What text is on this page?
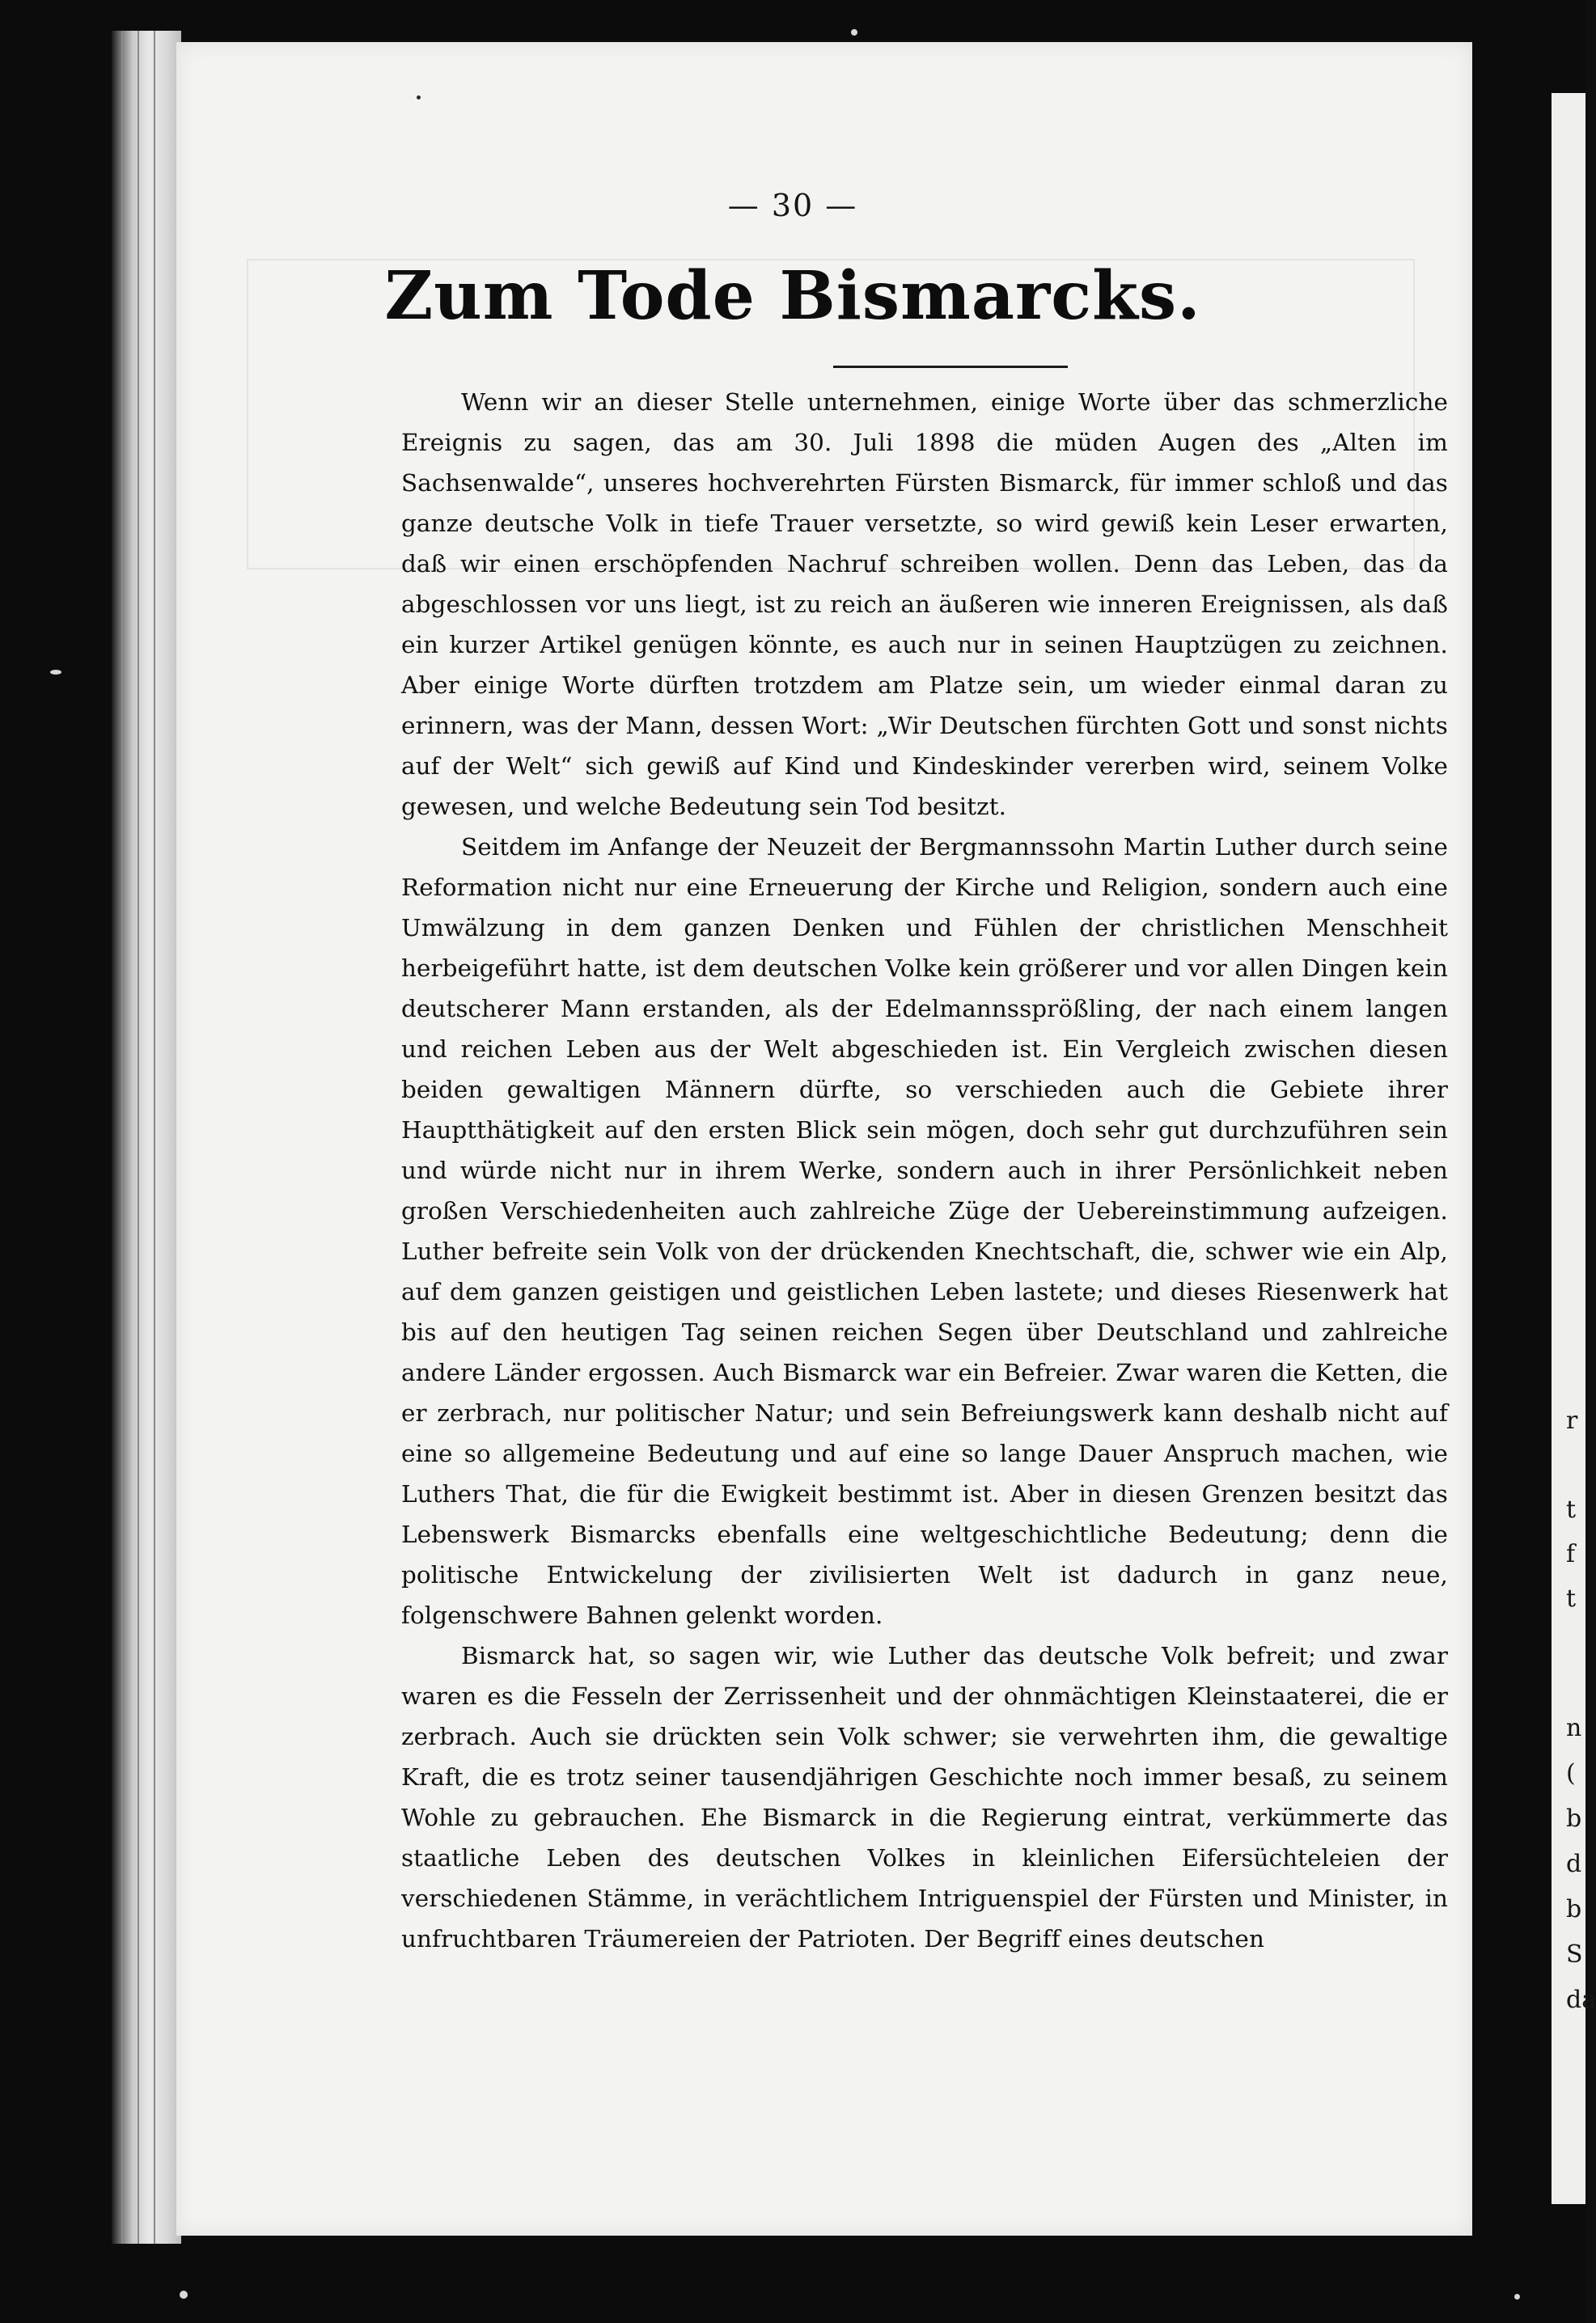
— 30 —
Zum Tode Bismarcks.

Wenn wir an dieser Stelle unternehmen, einige Worte über das schmerzliche Ereignis zu sagen, das am 30. Juli 1898 die müden Augen des „Alten im Sachsenwalde“, unseres hochverehrten Fürsten Bismarck, für immer schloß und das ganze deutsche Volk in tiefe Trauer versetzte, so wird gewiß kein Leser erwarten, daß wir einen erschöpfenden Nachruf schreiben wollen. Denn das Leben, das da abgeschlossen vor uns liegt, ist zu reich an äußeren wie inneren Ereignissen, als daß ein kurzer Artikel genügen könnte, es auch nur in seinen Hauptzügen zu zeichnen. Aber einige Worte dürften trotzdem am Platze sein, um wieder einmal daran zu erinnern, was der Mann, dessen Wort: „Wir Deutschen fürchten Gott und sonst nichts auf der Welt“ sich gewiß auf Kind und Kindeskinder vererben wird, seinem Volke gewesen, und welche Bedeutung sein Tod besitzt.

Seitdem im Anfange der Neuzeit der Bergmannssohn Martin Luther durch seine Reformation nicht nur eine Erneuerung der Kirche und Religion, sondern auch eine Umwälzung in dem ganzen Denken und Fühlen der christlichen Menschheit herbeigeführt hatte, ist dem deutschen Volke kein größerer und vor allen Dingen kein deutscherer Mann erstanden, als der Edelmannssprößling, der nach einem langen und reichen Leben aus der Welt abgeschieden ist. Ein Vergleich zwischen diesen beiden gewaltigen Männern dürfte, so verschieden auch die Gebiete ihrer Hauptthätigkeit auf den ersten Blick sein mögen, doch sehr gut durchzuführen sein und würde nicht nur in ihrem Werke, sondern auch in ihrer Persönlichkeit neben großen Verschiedenheiten auch zahlreiche Züge der Uebereinstimmung aufzeigen. Luther befreite sein Volk von der drückenden Knechtschaft, die, schwer wie ein Alp, auf dem ganzen geistigen und geistlichen Leben lastete; und dieses Riesenwerk hat bis auf den heutigen Tag seinen reichen Segen über Deutschland und zahlreiche andere Länder ergossen. Auch Bismarck war ein Befreier. Zwar waren die Ketten, die er zerbrach, nur politischer Natur; und sein Befreiungswerk kann deshalb nicht auf eine so allgemeine Bedeutung und auf eine so lange Dauer Anspruch machen, wie Luthers That, die für die Ewigkeit bestimmt ist. Aber in diesen Grenzen besitzt das Lebenswerk Bismarcks ebenfalls eine weltgeschichtliche Bedeutung; denn die politische Entwickelung der zivilisierten Welt ist dadurch in ganz neue, folgenschwere Bahnen gelenkt worden.

Bismarck hat, so sagen wir, wie Luther das deutsche Volk befreit; und zwar waren es die Fesseln der Zerrissenheit und der ohnmächtigen Kleinstaaterei, die er zerbrach. Auch sie drückten sein Volk schwer; sie verwehrten ihm, die gewaltige Kraft, die es trotz seiner tausendjährigen Geschichte noch immer besaß, zu seinem Wohle zu gebrauchen. Ehe Bismarck in die Regierung eintrat, verkümmerte das staatliche Leben des deutschen Volkes in kleinlichen Eifersüchteleien der verschiedenen Stämme, in verächtlichem Intriguenspiel der Fürsten und Minister, in unfruchtbaren Träumereien der Patrioten. Der Begriff eines deutschen

r
t
f
t
n
(
b
d
b
S
da
